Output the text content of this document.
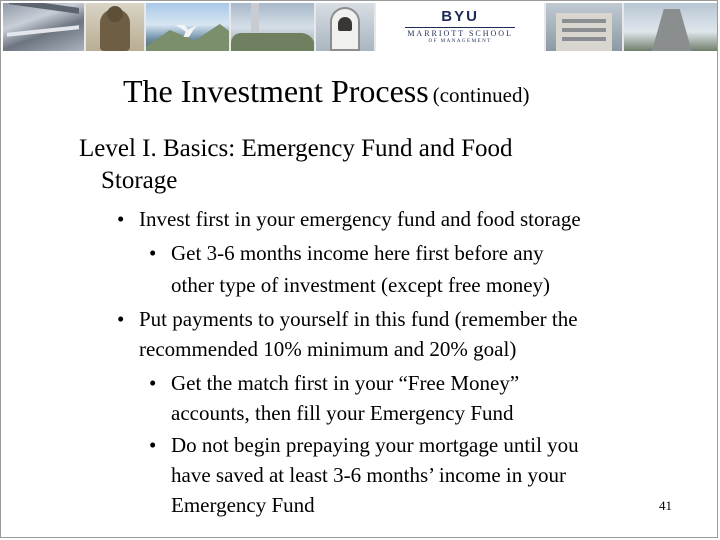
BYU
MARRIOTT SCHOOL
OF MANAGEMENT
The Investment Process (continued)
Level I. Basics: Emergency Fund and Food
Storage
• Invest first in your emergency fund and food storage
• Get 3-6 months income here first before any
other type of investment (except free money)
• Put payments to yourself in this fund (remember the
recommended 10% minimum and 20% goal)
• Get the match first in your “Free Money”
accounts, then fill your Emergency Fund
• Do not begin prepaying your mortgage until you
have saved at least 3-6 months’ income in your
Emergency Fund	41
